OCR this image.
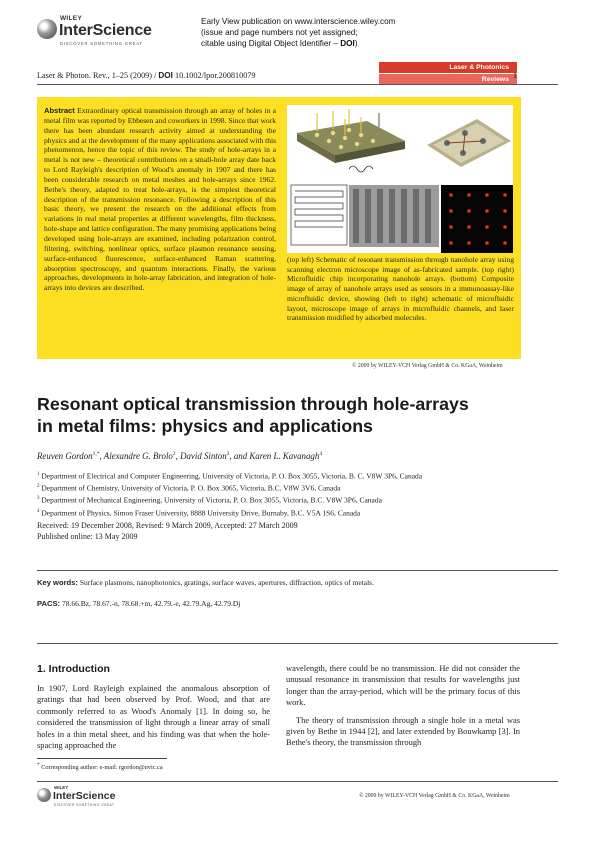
WILEY
InterScience
DISCOVER SOMETHING GREAT
Early View publication on www.interscience.wiley.com
(issue and page numbers not yet assigned;
citable using Digital Object Identifier – DOI)
Laser & Photon. Rev., 1–25 (2009) / DOI 10.1002/lpor.200810079
Laser & Photonics
Reviews 1
Abstract Extraordinary optical transmission through an array of holes in a metal film was reported by Ebbesen and coworkers in 1998. Since that work there has been abundant research activity aimed at understanding the physics and at the development of the many applications associated with this phenomenon, hence the topic of this review. The study of hole-arrays in a metal is not new – theoretical contributions on a small-hole array date back to Lord Rayleigh's description of Wood's anomaly in 1907 and there has been considerable research on metal meshes and hole-arrays since 1962. Bethe's theory, adapted to treat hole-arrays, is the simplest theoretical description of the transmission resonance. Following a description of this basic theory, we present the research on the additional effects from variations in real metal properties at different wavelengths, film thickness, hole-shape and lattice configuration. The many promising applications being developed using hole-arrays are examined, including polarization control, filtering, switching, nonlinear optics, surface plasmon resonance sensing, surface-enhanced fluorescence, surface-enhanced Raman scattering, absorption spectroscopy, and quantum interactions. Finally, the various approaches, developments in hole-array fabrication, and integration of hole-arrays into devices are described.
(top left) Schematic of resonant transmission through nanohole array using scanning electron microscope image of as-fabricated sample. (top right) Microfluidic chip incorporating nanohole arrays. (bottom) Composite image of array of nanohole arrays used as sensors in a immunoassay-like microfluidic device, showing (left to right) schematic of microfluidic layout, microscope image of arrays in microfluidic channels, and laser transmission modified by adsorbed molecules.
© 2009 by WILEY-VCH Verlag GmbH & Co. KGaA, Weinheim
Resonant optical transmission through hole-arrays
in metal films: physics and applications
Reuven Gordon$^{1,*}$, Alexandre G. Brolo$^2$, David Sinton$^3$, and Karen L. Kavanagh$^4$
$^1$ Department of Electrical and Computer Engineering, University of Victoria, P. O. Box 3055, Victoria, B. C. V8W 3P6, Canada
$^2$ Department of Chemistry, University of Victoria, P. O. Box 3065, Victoria, B.C. V8W 3V6, Canada
$^3$ Department of Mechanical Engineering, University of Victoria, P. O. Box 3055, Victoria, B.C. V8W 3P6, Canada
$^4$ Department of Physics, Simon Fraser University, 8888 University Drive, Burnaby, B.C. V5A 1S6, Canada
Received: 19 December 2008, Revised: 9 March 2009, Accepted: 27 March 2009
Published online: 13 May 2009
Key words: Surface plasmons, nanophotonics, gratings, surface waves, apertures, diffraction, optics of metals.
PACS: 78.66.Bz, 78.67.-n, 78.68.+m, 42.79.-e, 42.79.Ag, 42.79.Dj
1. Introduction

In 1907, Lord Rayleigh explained the anomalous absorption of gratings that had been observed by Prof. Wood, and that are commonly referred to as Wood's Anomaly [1]. In doing so, he considered the transmission of light through a linear array of small holes in a thin metal sheet, and his finding was that when the hole-spacing approached the

wavelength, there could be no transmission. He did not consider the unusual resonance in transmission that results for wavelengths just longer than the array-period, which will be the primary focus of this work.

The theory of transmission through a single hole in a metal was given by Bethe in 1944 [2], and later extended by Bouwkamp [3]. In Bethe's theory, the transmission through

* Corresponding author: e-mail: rgordon@uvic.ca
WILEY
InterScience
DISCOVER SOMETHING GREAT
© 2009 by WILEY-VCH Verlag GmbH & Co. KGaA, Weinheim
